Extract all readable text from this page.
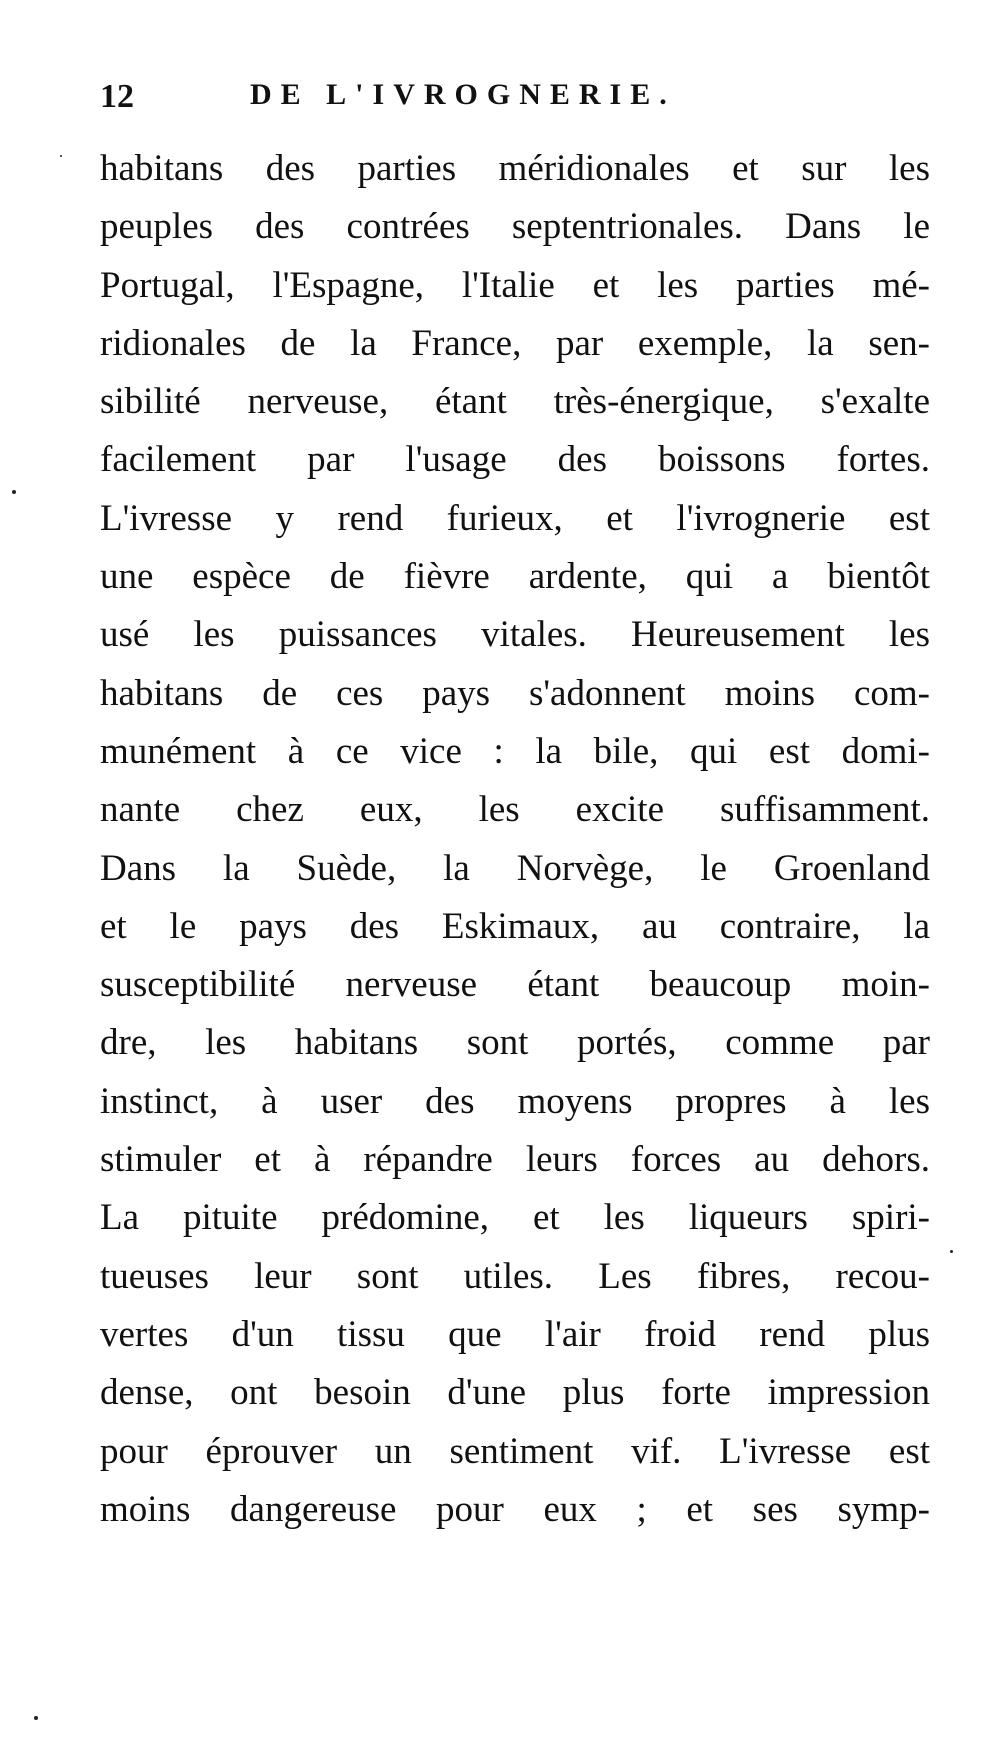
12	DE L'IVROGNERIE.
habitans des parties méridionales et sur les
peuples des contrées septentrionales. Dans le
Portugal, l'Espagne, l'Italie et les parties mé-
ridionales de la France, par exemple, la sen-
sibilité nerveuse, étant très-énergique, s'exalte
facilement par l'usage des boissons fortes.
L'ivresse y rend furieux, et l'ivrognerie est
une espèce de fièvre ardente, qui a bientôt
usé les puissances vitales. Heureusement les
habitans de ces pays s'adonnent moins com-
munément à ce vice : la bile, qui est domi-
nante chez eux, les excite suffisamment.
Dans la Suède, la Norvège, le Groenland
et le pays des Eskimaux, au contraire, la
susceptibilité nerveuse étant beaucoup moin-
dre, les habitans sont portés, comme par
instinct, à user des moyens propres à les
stimuler et à répandre leurs forces au dehors.
La pituite prédomine, et les liqueurs spiri-
tueuses leur sont utiles. Les fibres, recou-
vertes d'un tissu que l'air froid rend plus
dense, ont besoin d'une plus forte impression
pour éprouver un sentiment vif. L'ivresse est
moins dangereuse pour eux ; et ses symp-
